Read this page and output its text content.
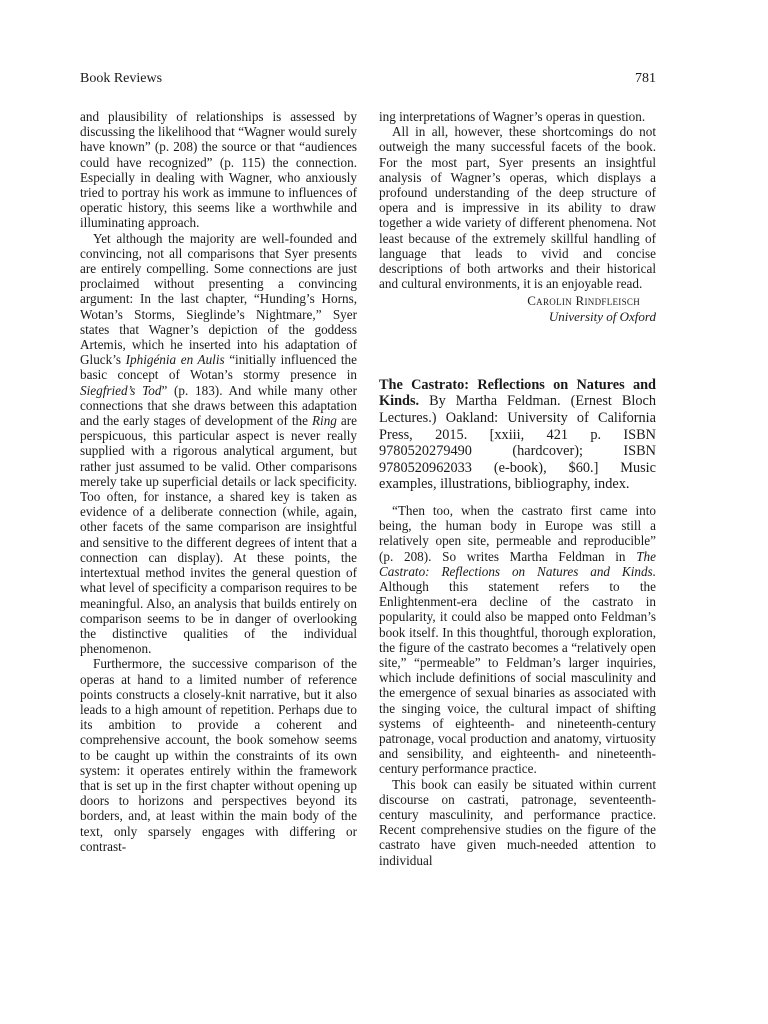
Book Reviews	781

and plausibility of relationships is assessed by discussing the likelihood that “Wagner would surely have known” (p. 208) the source or that “audiences could have recognized” (p. 115) the connection. Especially in dealing with Wagner, who anxiously tried to portray his work as immune to influences of operatic history, this seems like a worthwhile and illuminating approach.

Yet although the majority are well-founded and convincing, not all comparisons that Syer presents are entirely compelling. Some connections are just proclaimed without presenting a convincing argument: In the last chapter, “Hunding’s Horns, Wotan’s Storms, Sieglinde’s Nightmare,” Syer states that Wagner’s depiction of the goddess Artemis, which he inserted into his adaptation of Gluck’s Iphigénia en Aulis “initially influenced the basic concept of Wotan’s stormy presence in Siegfried’s Tod” (p. 183). And while many other connections that she draws between this adaptation and the early stages of development of the Ring are perspicuous, this particular aspect is never really supplied with a rigorous analytical argument, but rather just assumed to be valid. Other comparisons merely take up superficial details or lack specificity. Too often, for instance, a shared key is taken as evidence of a deliberate connection (while, again, other facets of the same comparison are insightful and sensitive to the different degrees of intent that a connection can display). At these points, the intertextual method invites the general question of what level of specificity a comparison requires to be meaningful. Also, an analysis that builds entirely on comparison seems to be in danger of overlooking the distinctive qualities of the individual phenomenon.

Furthermore, the successive comparison of the operas at hand to a limited number of reference points constructs a closely-knit narrative, but it also leads to a high amount of repetition. Perhaps due to its ambition to provide a coherent and comprehensive account, the book somehow seems to be caught up within the constraints of its own system: it operates entirely within the framework that is set up in the first chapter without opening up doors to horizons and perspectives beyond its borders, and, at least within the main body of the text, only sparsely engages with differing or contrast-

ing interpretations of Wagner’s operas in question.

All in all, however, these shortcomings do not outweigh the many successful facets of the book. For the most part, Syer presents an insightful analysis of Wagner’s operas, which displays a profound understanding of the deep structure of opera and is impressive in its ability to draw together a wide variety of different phenomena. Not least because of the extremely skillful handling of language that leads to vivid and concise descriptions of both artworks and their historical and cultural environments, it is an enjoyable read.

Carolin Rindfleisch
University of Oxford

The Castrato: Reflections on Natures and Kinds. By Martha Feldman. (Ernest Bloch Lectures.) Oakland: University of California Press, 2015. [xxiii, 421 p. ISBN 9780520279490 (hardcover); ISBN 9780520962033 (e-book), $60.] Music examples, illustrations, bibliography, index.

“Then too, when the castrato first came into being, the human body in Europe was still a relatively open site, permeable and reproducible” (p. 208). So writes Martha Feldman in The Castrato: Reflections on Natures and Kinds. Although this statement refers to the Enlightenment-era decline of the castrato in popularity, it could also be mapped onto Feldman’s book itself. In this thoughtful, thorough exploration, the figure of the castrato becomes a “relatively open site,” “permeable” to Feldman’s larger inquiries, which include definitions of social masculinity and the emergence of sexual binaries as associated with the singing voice, the cultural impact of shifting systems of eighteenth- and nineteenth-century patronage, vocal production and anatomy, virtuosity and sensibility, and eighteenth- and nineteenth-century performance practice.

This book can easily be situated within current discourse on castrati, patronage, seventeenth-century masculinity, and performance practice. Recent comprehensive studies on the figure of the castrato have given much-needed attention to individual
